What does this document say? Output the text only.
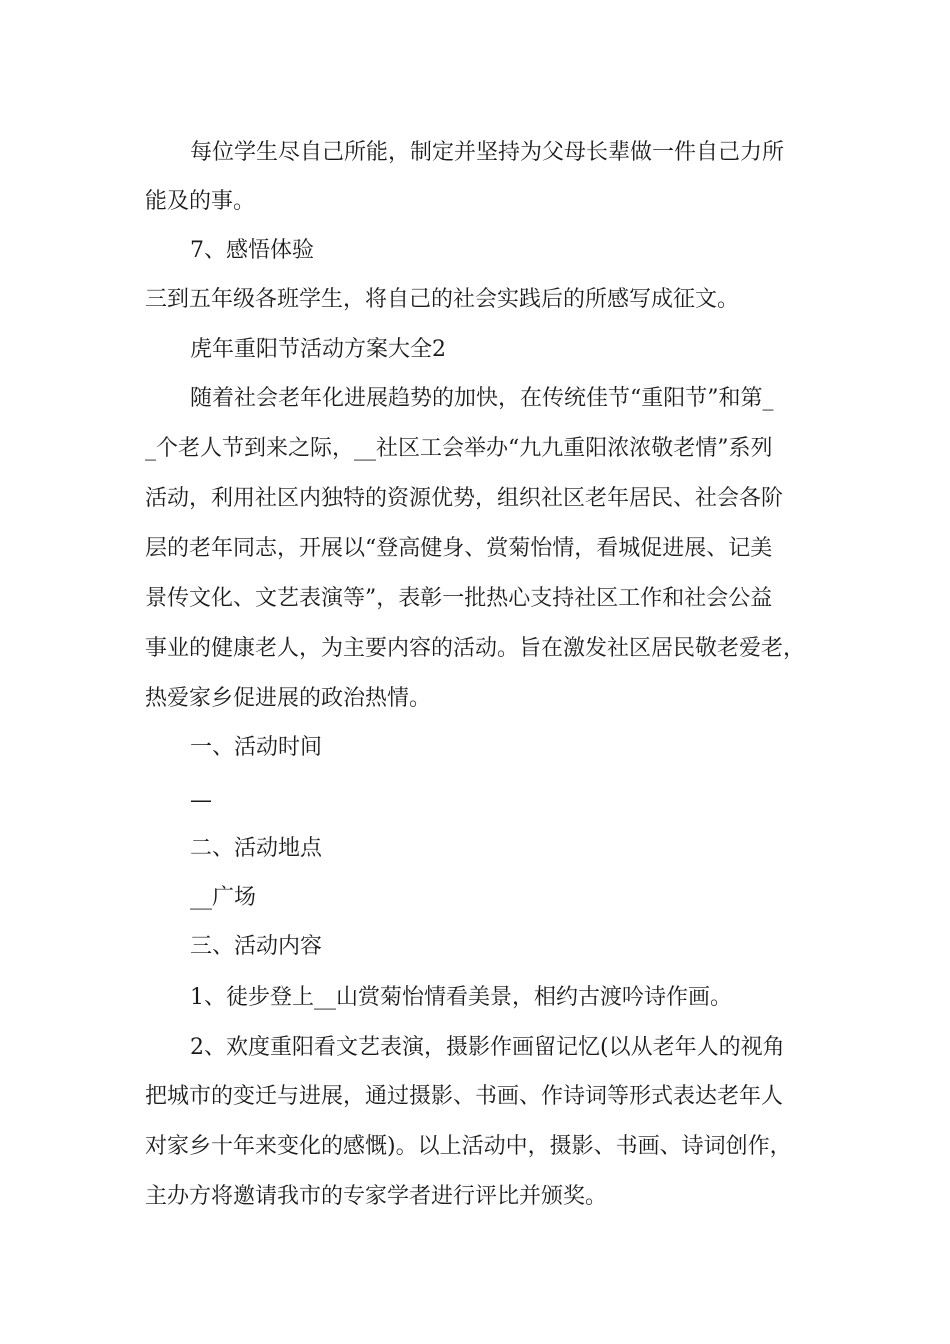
每位学生尽自己所能，制定并坚持为父母长辈做一件自己力所
能及的事。
7、感悟体验
三到五年级各班学生，将自己的社会实践后的所感写成征文。
虎年重阳节活动方案大全2
随着社会老年化进展趋势的加快，在传统佳节“重阳节”和第_
_个老人节到来之际，__社区工会举办“九九重阳浓浓敬老情”系列
活动，利用社区内独特的资源优势，组织社区老年居民、社会各阶
层的老年同志，开展以“登高健身、赏菊怡情，看城促进展、记美
景传文化、文艺表演等”，表彰一批热心支持社区工作和社会公益
事业的健康老人，为主要内容的活动。旨在激发社区居民敬老爱老，
热爱家乡促进展的政治热情。
一、活动时间
—
二、活动地点
__广场
三、活动内容
1、徒步登上__山赏菊怡情看美景，相约古渡吟诗作画。
2、欢度重阳看文艺表演，摄影作画留记忆(以从老年人的视角
把城市的变迁与进展，通过摄影、书画、作诗词等形式表达老年人
对家乡十年来变化的感慨)。以上活动中，摄影、书画、诗词创作，
主办方将邀请我市的专家学者进行评比并颁奖。
